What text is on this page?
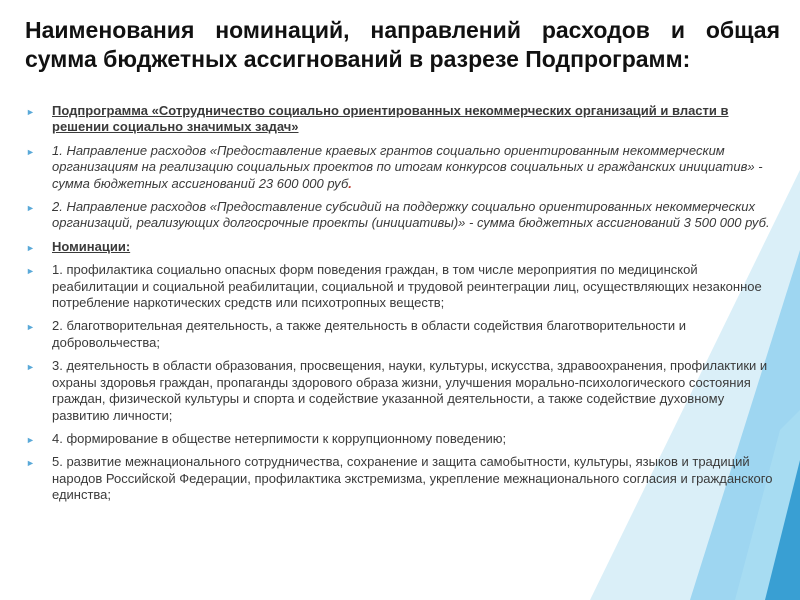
Наименования номинаций, направлений расходов и общая сумма бюджетных ассигнований в разрезе Подпрограмм:
► Подпрограмма «Сотрудничество социально ориентированных некоммерческих организаций и власти в решении социально значимых задач»
► 1. Направление расходов «Предоставление краевых грантов социально ориентированным некоммерческим организациям на реализацию социальных проектов по итогам конкурсов социальных и гражданских инициатив» - сумма бюджетных ассигнований 23 600 000 руб.
► 2. Направление расходов «Предоставление субсидий на поддержку социально ориентированных некоммерческих организаций, реализующих долгосрочные проекты (инициативы)» - сумма бюджетных ассигнований 3 500 000 руб.
► Номинации:
► 1. профилактика социально опасных форм поведения граждан, в том числе мероприятия по медицинской реабилитации и социальной реабилитации, социальной и трудовой реинтеграции лиц, осуществляющих незаконное потребление наркотических средств или психотропных веществ;
► 2. благотворительная деятельность, а также деятельность в области содействия благотворительности и добровольчества;
► 3. деятельность в области образования, просвещения, науки, культуры, искусства, здравоохранения, профилактики и охраны здоровья граждан, пропаганды здорового образа жизни, улучшения морально-психологического состояния граждан, физической культуры и спорта и содействие указанной деятельности, а также содействие духовному развитию личности;
► 4. формирование в обществе нетерпимости к коррупционному поведению;
► 5. развитие межнационального сотрудничества, сохранение и защита самобытности, культуры, языков и традиций народов Российской Федерации, профилактика экстремизма, укрепление межнационального согласия и гражданского единства;
